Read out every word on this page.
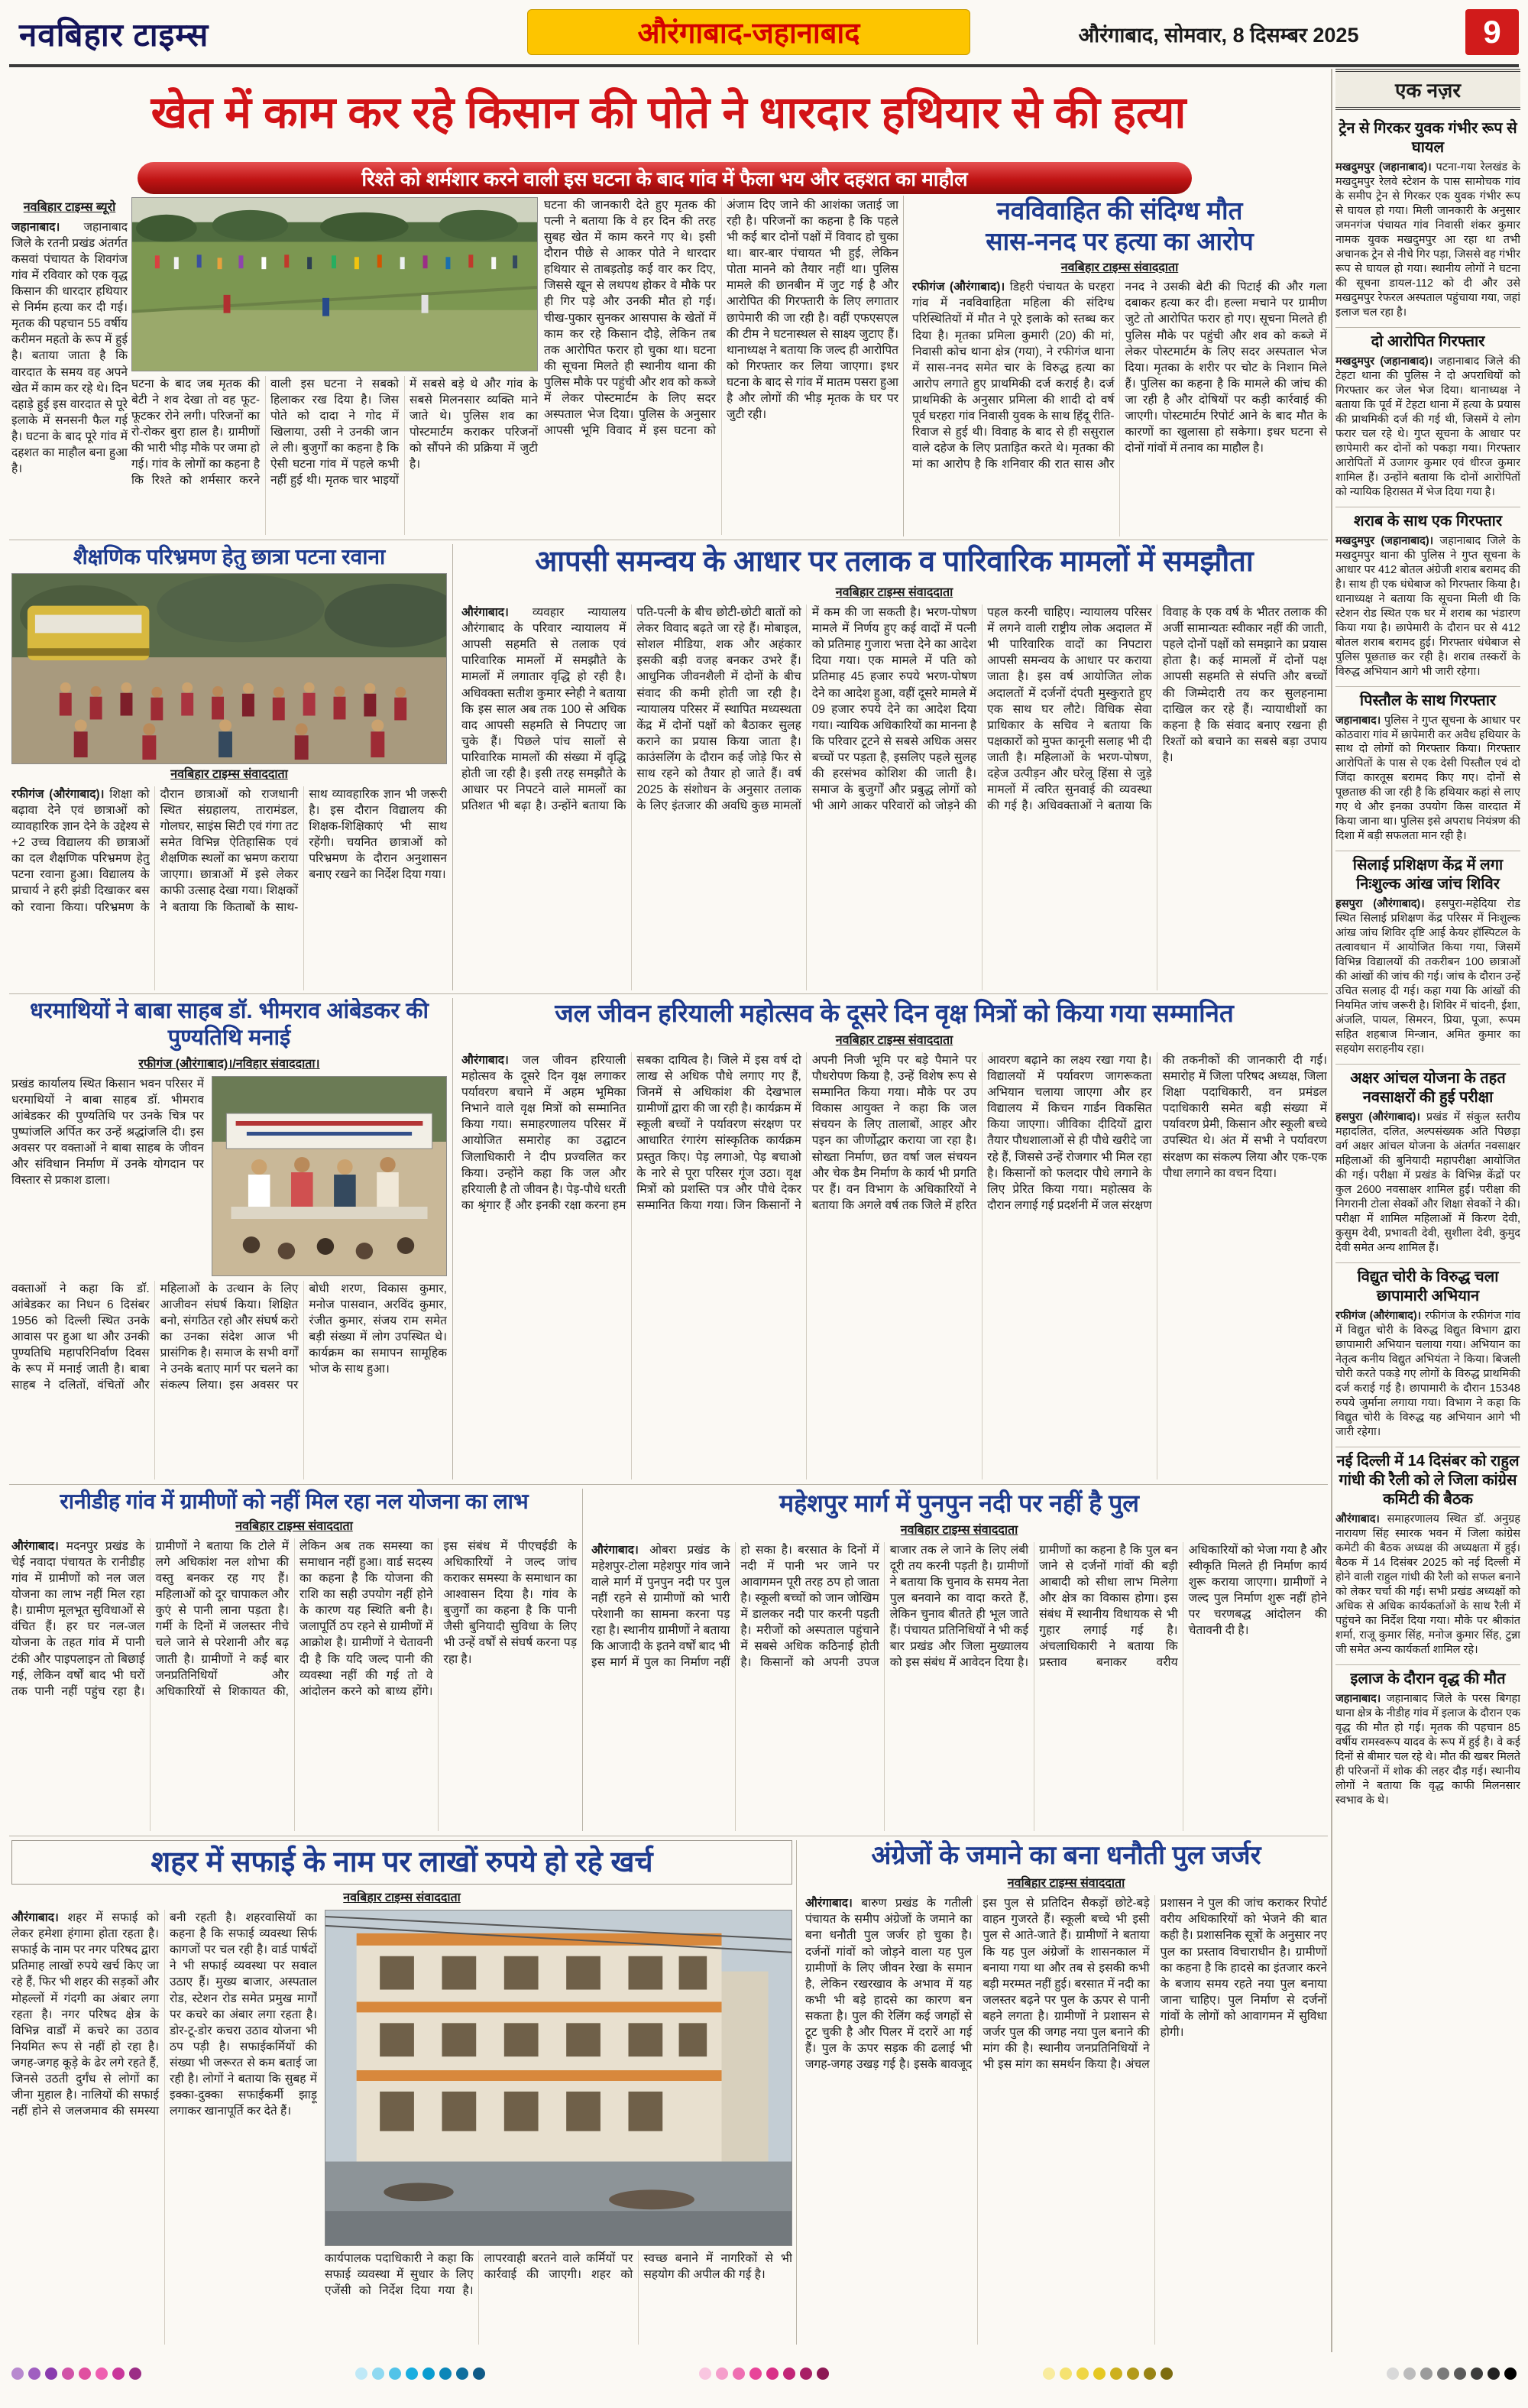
नवबिहार टाइम्स	औरंगाबाद-जहानाबाद	औरंगाबाद, सोमवार, 8 दिसम्बर 2025	9
खेत में काम कर रहे किसान की पोते ने धारदार हथियार से की हत्या
रिश्ते को शर्मशार करने वाली इस घटना के बाद गांव में फैला भय और दहशत का माहौल
नवबिहार टाइम्स ब्यूरो

जहानाबाद। जहानाबाद जिले के रतनी प्रखंड अंतर्गत कसवां पंचायत के शिवगंज गांव में रविवार को एक वृद्ध किसान की धारदार हथियार से निर्मम हत्या कर दी गई। मृतक की पहचान 55 वर्षीय करीमन महतो के रूप में हुई है। बताया जाता है कि वारदात के समय वह अपने खेत में काम कर रहे थे। दिन दहाड़े हुई इस वारदात से पूरे इलाके में सनसनी फैल गई है। घटना के बाद पूरे गांव में दहशत का माहौल बना हुआ है।

घटना की जानकारी देते हुए मृतक की पत्नी ने बताया कि वे हर दिन की तरह सुबह खेत में काम करने गए थे। इसी दौरान पीछे से आकर पोते ने धारदार हथियार से ताबड़तोड़ कई वार कर दिए, जिससे खून से लथपथ होकर वे मौके पर ही गिर पड़े और उनकी मौत हो गई। चीख-पुकार सुनकर आसपास के खेतों में काम कर रहे किसान दौड़े, लेकिन तब तक आरोपित फरार हो चुका था। घटना की सूचना मिलते ही स्थानीय थाना की पुलिस मौके पर पहुंची और शव को कब्जे में लेकर पोस्टमार्टम के लिए सदर अस्पताल भेज दिया। पुलिस के अनुसार आपसी भूमि विवाद में इस घटना को अंजाम दिए जाने की आशंका जताई जा रही है। परिजनों का कहना है कि पहले भी कई बार दोनों पक्षों में विवाद हो चुका था। बार-बार पंचायत भी हुई, लेकिन पोता मानने को तैयार नहीं था। पुलिस मामले की छानबीन में जुट गई है और आरोपित की गिरफ्तारी के लिए लगातार छापेमारी की जा रही है। वहीं एफएसएल की टीम ने घटनास्थल से साक्ष्य जुटाए हैं। थानाध्यक्ष ने बताया कि जल्द ही आरोपित को गिरफ्तार कर लिया जाएगा। इधर घटना के बाद से गांव में मातम पसरा हुआ है और लोगों की भीड़ मृतक के घर पर जुटी रही।

घटना के बाद जब मृतक की बेटी ने शव देखा तो वह फूट-फूटकर रोने लगी। परिजनों का रो-रोकर बुरा हाल है। ग्रामीणों की भारी भीड़ मौके पर जमा हो गई। गांव के लोगों का कहना है कि रिश्ते को शर्मसार करने वाली इस घटना ने सबको हिलाकर रख दिया है। जिस पोते को दादा ने गोद में खिलाया, उसी ने उनकी जान ले ली। बुजुर्गों का कहना है कि ऐसी घटना गांव में पहले कभी नहीं हुई थी। मृतक चार भाइयों में सबसे बड़े थे और गांव के सबसे मिलनसार व्यक्ति माने जाते थे। पुलिस शव का पोस्टमार्टम कराकर परिजनों को सौंपने की प्रक्रिया में जुटी है।

नवविवाहित की संदिग्ध मौत
सास-ननद पर हत्या का आरोप
नवबिहार टाइम्स संवाददाता

रफीगंज (औरंगाबाद)। डिहरी पंचायत के घरहरा गांव में नवविवाहिता महिला की संदिग्ध परिस्थितियों में मौत ने पूरे इलाके को स्तब्ध कर दिया है। मृतका प्रमिला कुमारी (20) की मां, निवासी कोच थाना क्षेत्र (गया), ने रफीगंज थाना में सास-ननद समेत चार के विरुद्ध हत्या का आरोप लगाते हुए प्राथमिकी दर्ज कराई है। दर्ज प्राथमिकी के अनुसार प्रमिला की शादी दो वर्ष पूर्व घरहरा गांव निवासी युवक के साथ हिंदू रीति-रिवाज से हुई थी। विवाह के बाद से ही ससुराल वाले दहेज के लिए प्रताड़ित करते थे। मृतका की मां का आरोप है कि शनिवार की रात सास और ननद ने उसकी बेटी की पिटाई की और गला दबाकर हत्या कर दी। हल्ला मचाने पर ग्रामीण जुटे तो आरोपित फरार हो गए। सूचना मिलते ही पुलिस मौके पर पहुंची और शव को कब्जे में लेकर पोस्टमार्टम के लिए सदर अस्पताल भेज दिया। मृतका के शरीर पर चोट के निशान मिले हैं। पुलिस का कहना है कि मामले की जांच की जा रही है और दोषियों पर कड़ी कार्रवाई की जाएगी। पोस्टमार्टम रिपोर्ट आने के बाद मौत के कारणों का खुलासा हो सकेगा। इधर घटना से दोनों गांवों में तनाव का माहौल है।

शैक्षणिक परिभ्रमण हेतु छात्रा पटना रवाना
नवबिहार टाइम्स संवाददाता

रफीगंज (औरंगाबाद)। शिक्षा को बढ़ावा देने एवं छात्राओं को व्यावहारिक ज्ञान देने के उद्देश्य से +2 उच्च विद्यालय की छात्राओं का दल शैक्षणिक परिभ्रमण हेतु पटना रवाना हुआ। विद्यालय के प्राचार्य ने हरी झंडी दिखाकर बस को रवाना किया। परिभ्रमण के दौरान छात्राओं को राजधानी स्थित संग्रहालय, तारामंडल, गोलघर, साइंस सिटी एवं गंगा तट समेत विभिन्न ऐतिहासिक एवं शैक्षणिक स्थलों का भ्रमण कराया जाएगा। छात्राओं में इसे लेकर काफी उत्साह देखा गया। शिक्षकों ने बताया कि किताबों के साथ-साथ व्यावहारिक ज्ञान भी जरूरी है। इस दौरान विद्यालय की शिक्षक-शिक्षिकाएं भी साथ रहेंगी। चयनित छात्राओं को परिभ्रमण के दौरान अनुशासन बनाए रखने का निर्देश दिया गया।

आपसी समन्वय के आधार पर तलाक व पारिवारिक मामलों में समझौता
नवबिहार टाइम्स संवाददाता

औरंगाबाद। व्यवहार न्यायालय औरंगाबाद के परिवार न्यायालय में आपसी सहमति से तलाक एवं पारिवारिक मामलों में समझौते के मामलों में लगातार वृद्धि हो रही है। अधिवक्ता सतीश कुमार स्नेही ने बताया कि इस साल अब तक 100 से अधिक वाद आपसी सहमति से निपटाए जा चुके हैं। पिछले पांच सालों से पारिवारिक मामलों की संख्या में वृद्धि होती जा रही है। इसी तरह समझौते के आधार पर निपटने वाले मामलों का प्रतिशत भी बढ़ा है। उन्होंने बताया कि पति-पत्नी के बीच छोटी-छोटी बातों को लेकर विवाद बढ़ते जा रहे हैं। मोबाइल, सोशल मीडिया, शक और अहंकार इसकी बड़ी वजह बनकर उभरे हैं। आधुनिक जीवनशैली में दोनों के बीच संवाद की कमी होती जा रही है। न्यायालय परिसर में स्थापित मध्यस्थता केंद्र में दोनों पक्षों को बैठाकर सुलह कराने का प्रयास किया जाता है। काउंसलिंग के दौरान कई जोड़े फिर से साथ रहने को तैयार हो जाते हैं। वर्ष 2025 के संशोधन के अनुसार तलाक के लिए इंतजार की अवधि कुछ मामलों में कम की जा सकती है। भरण-पोषण मामले में निर्णय हुए कई वादों में पत्नी को प्रतिमाह गुजारा भत्ता देने का आदेश दिया गया। एक मामले में पति को प्रतिमाह 45 हजार रुपये भरण-पोषण देने का आदेश हुआ, वहीं दूसरे मामले में 09 हजार रुपये देने का आदेश दिया गया। न्यायिक अधिकारियों का मानना है कि परिवार टूटने से सबसे अधिक असर बच्चों पर पड़ता है, इसलिए पहले सुलह की हरसंभव कोशिश की जाती है। समाज के बुजुर्गों और प्रबुद्ध लोगों को भी आगे आकर परिवारों को जोड़ने की पहल करनी चाहिए। न्यायालय परिसर में लगने वाली राष्ट्रीय लोक अदालत में भी पारिवारिक वादों का निपटारा आपसी समन्वय के आधार पर कराया जाता है। इस वर्ष आयोजित लोक अदालतों में दर्जनों दंपती मुस्कुराते हुए एक साथ घर लौटे। विधिक सेवा प्राधिकार के सचिव ने बताया कि पक्षकारों को मुफ्त कानूनी सलाह भी दी जाती है। महिलाओं के भरण-पोषण, दहेज उत्पीड़न और घरेलू हिंसा से जुड़े मामलों में त्वरित सुनवाई की व्यवस्था की गई है। अधिवक्ताओं ने बताया कि विवाह के एक वर्ष के भीतर तलाक की अर्जी सामान्यतः स्वीकार नहीं की जाती, पहले दोनों पक्षों को समझाने का प्रयास होता है। कई मामलों में दोनों पक्ष आपसी सहमति से संपत्ति और बच्चों की जिम्मेदारी तय कर सुलहनामा दाखिल कर रहे हैं। न्यायाधीशों का कहना है कि संवाद बनाए रखना ही रिश्तों को बचाने का सबसे बड़ा उपाय है।

धरमाथियों ने बाबा साहब डॉ. भीमराव आंबेडकर की पुण्यतिथि मनाई
रफीगंज (औरंगाबाद)।/नविहार संवाददाता।

प्रखंड कार्यालय स्थित किसान भवन परिसर में धरमाथियों ने बाबा साहब डॉ. भीमराव आंबेडकर की पुण्यतिथि पर उनके चित्र पर पुष्पांजलि अर्पित कर उन्हें श्रद्धांजलि दी। इस अवसर पर वक्ताओं ने बाबा साहब के जीवन और संविधान निर्माण में उनके योगदान पर विस्तार से प्रकाश डाला।

वक्ताओं ने कहा कि डॉ. आंबेडकर का निधन 6 दिसंबर 1956 को दिल्ली स्थित उनके आवास पर हुआ था और उनकी पुण्यतिथि महापरिनिर्वाण दिवस के रूप में मनाई जाती है। बाबा साहब ने दलितों, वंचितों और महिलाओं के उत्थान के लिए आजीवन संघर्ष किया। शिक्षित बनो, संगठित रहो और संघर्ष करो का उनका संदेश आज भी प्रासंगिक है। समाज के सभी वर्गों ने उनके बताए मार्ग पर चलने का संकल्प लिया। इस अवसर पर बोधी शरण, विकास कुमार, मनोज पासवान, अरविंद कुमार, रंजीत कुमार, संजय राम समेत बड़ी संख्या में लोग उपस्थित थे। कार्यक्रम का समापन सामूहिक भोज के साथ हुआ।

जल जीवन हरियाली महोत्सव के दूसरे दिन वृक्ष मित्रों को किया गया सम्मानित
नवबिहार टाइम्स संवाददाता

औरंगाबाद। जल जीवन हरियाली महोत्सव के दूसरे दिन वृक्ष लगाकर पर्यावरण बचाने में अहम भूमिका निभाने वाले वृक्ष मित्रों को सम्मानित किया गया। समाहरणालय परिसर में आयोजित समारोह का उद्घाटन जिलाधिकारी ने दीप प्रज्वलित कर किया। उन्होंने कहा कि जल और हरियाली है तो जीवन है। पेड़-पौधे धरती का श्रृंगार हैं और इनकी रक्षा करना हम सबका दायित्व है। जिले में इस वर्ष दो लाख से अधिक पौधे लगाए गए हैं, जिनमें से अधिकांश की देखभाल ग्रामीणों द्वारा की जा रही है। कार्यक्रम में स्कूली बच्चों ने पर्यावरण संरक्षण पर आधारित रंगारंग सांस्कृतिक कार्यक्रम प्रस्तुत किए। पेड़ लगाओ, पेड़ बचाओ के नारे से पूरा परिसर गूंज उठा। वृक्ष मित्रों को प्रशस्ति पत्र और पौधे देकर सम्मानित किया गया। जिन किसानों ने अपनी निजी भूमि पर बड़े पैमाने पर पौधरोपण किया है, उन्हें विशेष रूप से सम्मानित किया गया। मौके पर उप विकास आयुक्त ने कहा कि जल संचयन के लिए तालाबों, आहर और पइन का जीर्णोद्धार कराया जा रहा है। सोख्ता निर्माण, छत वर्षा जल संचयन और चेक डैम निर्माण के कार्य भी प्रगति पर हैं। वन विभाग के अधिकारियों ने बताया कि अगले वर्ष तक जिले में हरित आवरण बढ़ाने का लक्ष्य रखा गया है। विद्यालयों में पर्यावरण जागरूकता अभियान चलाया जाएगा और हर विद्यालय में किचन गार्डन विकसित किया जाएगा। जीविका दीदियों द्वारा तैयार पौधशालाओं से ही पौधे खरीदे जा रहे हैं, जिससे उन्हें रोजगार भी मिल रहा है। किसानों को फलदार पौधे लगाने के लिए प्रेरित किया गया। महोत्सव के दौरान लगाई गई प्रदर्शनी में जल संरक्षण की तकनीकों की जानकारी दी गई। समारोह में जिला परिषद अध्यक्ष, जिला शिक्षा पदाधिकारी, वन प्रमंडल पदाधिकारी समेत बड़ी संख्या में पर्यावरण प्रेमी, किसान और स्कूली बच्चे उपस्थित थे। अंत में सभी ने पर्यावरण संरक्षण का संकल्प लिया और एक-एक पौधा लगाने का वचन दिया।

रानीडीह गांव में ग्रामीणों को नहीं मिल रहा नल योजना का लाभ
नवबिहार टाइम्स संवाददाता

औरंगाबाद। मदनपुर प्रखंड के चेई नवादा पंचायत के रानीडीह गांव में ग्रामीणों को नल जल योजना का लाभ नहीं मिल रहा है। ग्रामीण मूलभूत सुविधाओं से वंचित हैं। हर घर नल-जल योजना के तहत गांव में पानी टंकी और पाइपलाइन तो बिछाई गई, लेकिन वर्षों बाद भी घरों तक पानी नहीं पहुंच रहा है। ग्रामीणों ने बताया कि टोले में लगे अधिकांश नल शोभा की वस्तु बनकर रह गए हैं। महिलाओं को दूर चापाकल और कुएं से पानी लाना पड़ता है। गर्मी के दिनों में जलस्तर नीचे चले जाने से परेशानी और बढ़ जाती है। ग्रामीणों ने कई बार जनप्रतिनिधियों और अधिकारियों से शिकायत की, लेकिन अब तक समस्या का समाधान नहीं हुआ। वार्ड सदस्य का कहना है कि योजना की राशि का सही उपयोग नहीं होने के कारण यह स्थिति बनी है। जलापूर्ति ठप रहने से ग्रामीणों में आक्रोश है। ग्रामीणों ने चेतावनी दी है कि यदि जल्द पानी की व्यवस्था नहीं की गई तो वे आंदोलन करने को बाध्य होंगे। इस संबंध में पीएचईडी के अधिकारियों ने जल्द जांच कराकर समस्या के समाधान का आश्वासन दिया है। गांव के बुजुर्गों का कहना है कि पानी जैसी बुनियादी सुविधा के लिए भी उन्हें वर्षों से संघर्ष करना पड़ रहा है।

महेशपुर मार्ग में पुनपुन नदी पर नहीं है पुल
नवबिहार टाइम्स संवाददाता

औरंगाबाद। ओबरा प्रखंड के महेशपुर-टोला महेशपुर गांव जाने वाले मार्ग में पुनपुन नदी पर पुल नहीं रहने से ग्रामीणों को भारी परेशानी का सामना करना पड़ रहा है। स्थानीय ग्रामीणों ने बताया कि आजादी के इतने वर्षों बाद भी इस मार्ग में पुल का निर्माण नहीं हो सका है। बरसात के दिनों में नदी में पानी भर जाने पर आवागमन पूरी तरह ठप हो जाता है। स्कूली बच्चों को जान जोखिम में डालकर नदी पार करनी पड़ती है। मरीजों को अस्पताल पहुंचाने में सबसे अधिक कठिनाई होती है। किसानों को अपनी उपज बाजार तक ले जाने के लिए लंबी दूरी तय करनी पड़ती है। ग्रामीणों ने बताया कि चुनाव के समय नेता पुल बनवाने का वादा करते हैं, लेकिन चुनाव बीतते ही भूल जाते हैं। पंचायत प्रतिनिधियों ने भी कई बार प्रखंड और जिला मुख्यालय को इस संबंध में आवेदन दिया है। ग्रामीणों का कहना है कि पुल बन जाने से दर्जनों गांवों की बड़ी आबादी को सीधा लाभ मिलेगा और क्षेत्र का विकास होगा। इस संबंध में स्थानीय विधायक से भी गुहार लगाई गई है। अंचलाधिकारी ने बताया कि प्रस्ताव बनाकर वरीय अधिकारियों को भेजा गया है और स्वीकृति मिलते ही निर्माण कार्य शुरू कराया जाएगा। ग्रामीणों ने जल्द पुल निर्माण शुरू नहीं होने पर चरणबद्ध आंदोलन की चेतावनी दी है।

शहर में सफाई के नाम पर लाखों रुपये हो रहे खर्च
नवबिहार टाइम्स संवाददाता

औरंगाबाद। शहर में सफाई को लेकर हमेशा हंगामा होता रहता है। सफाई के नाम पर नगर परिषद द्वारा प्रतिमाह लाखों रुपये खर्च किए जा रहे हैं, फिर भी शहर की सड़कों और मोहल्लों में गंदगी का अंबार लगा रहता है। नगर परिषद क्षेत्र के विभिन्न वार्डों में कचरे का उठाव नियमित रूप से नहीं हो रहा है। जगह-जगह कूड़े के ढेर लगे रहते हैं, जिनसे उठती दुर्गंध से लोगों का जीना मुहाल है। नालियों की सफाई नहीं होने से जलजमाव की समस्या बनी रहती है। शहरवासियों का कहना है कि सफाई व्यवस्था सिर्फ कागजों पर चल रही है। वार्ड पार्षदों ने भी सफाई व्यवस्था पर सवाल उठाए हैं। मुख्य बाजार, अस्पताल रोड, स्टेशन रोड समेत प्रमुख मार्गों पर कचरे का अंबार लगा रहता है। डोर-टू-डोर कचरा उठाव योजना भी ठप पड़ी है। सफाईकर्मियों की संख्या भी जरूरत से कम बताई जा रही है। लोगों ने बताया कि सुबह में इक्का-दुक्का सफाईकर्मी झाड़ू लगाकर खानापूर्ति कर देते हैं।

कार्यपालक पदाधिकारी ने कहा कि सफाई व्यवस्था में सुधार के लिए एजेंसी को निर्देश दिया गया है। लापरवाही बरतने वाले कर्मियों पर कार्रवाई की जाएगी। शहर को स्वच्छ बनाने में नागरिकों से भी सहयोग की अपील की गई है।

अंग्रेजों के जमाने का बना धनौती पुल जर्जर
नवबिहार टाइम्स संवाददाता

औरंगाबाद। बारुण प्रखंड के गतीली पंचायत के समीप अंग्रेजों के जमाने का बना धनौती पुल जर्जर हो चुका है। दर्जनों गांवों को जोड़ने वाला यह पुल ग्रामीणों के लिए जीवन रेखा के समान है, लेकिन रखरखाव के अभाव में यह कभी भी बड़े हादसे का कारण बन सकता है। पुल की रेलिंग कई जगहों से टूट चुकी है और पिलर में दरारें आ गई हैं। पुल के ऊपर सड़क की ढलाई भी जगह-जगह उखड़ गई है। इसके बावजूद इस पुल से प्रतिदिन सैकड़ों छोटे-बड़े वाहन गुजरते हैं। स्कूली बच्चे भी इसी पुल से आते-जाते हैं। ग्रामीणों ने बताया कि यह पुल अंग्रेजों के शासनकाल में बनाया गया था और तब से इसकी कभी बड़ी मरम्मत नहीं हुई। बरसात में नदी का जलस्तर बढ़ने पर पुल के ऊपर से पानी बहने लगता है। ग्रामीणों ने प्रशासन से जर्जर पुल की जगह नया पुल बनाने की मांग की है। स्थानीय जनप्रतिनिधियों ने भी इस मांग का समर्थन किया है। अंचल प्रशासन ने पुल की जांच कराकर रिपोर्ट वरीय अधिकारियों को भेजने की बात कही है। प्रशासनिक सूत्रों के अनुसार नए पुल का प्रस्ताव विचाराधीन है। ग्रामीणों का कहना है कि हादसे का इंतजार करने के बजाय समय रहते नया पुल बनाया जाना चाहिए। पुल निर्माण से दर्जनों गांवों के लोगों को आवागमन में सुविधा होगी।

एक नज़र
ट्रेन से गिरकर युवक गंभीर रूप से घायल

मखदुमपुर (जहानाबाद)। पटना-गया रेलखंड के मखदुमपुर रेलवे स्टेशन के पास सामोचक गांव के समीप ट्रेन से गिरकर एक युवक गंभीर रूप से घायल हो गया। मिली जानकारी के अनुसार जमनगंज पंचायत गांव निवासी शंकर कुमार नामक युवक मखदुमपुर आ रहा था तभी अचानक ट्रेन से नीचे गिर पड़ा, जिससे वह गंभीर रूप से घायल हो गया। स्थानीय लोगों ने घटना की सूचना डायल-112 को दी और उसे मखदुमपुर रेफरल अस्पताल पहुंचाया गया, जहां इलाज चल रहा है।

दो आरोपित गिरफ्तार

मखदुमपुर (जहानाबाद)। जहानाबाद जिले की टेहटा थाना की पुलिस ने दो अपराधियों को गिरफ्तार कर जेल भेज दिया। थानाध्यक्ष ने बताया कि पूर्व में टेहटा थाना में हत्या के प्रयास की प्राथमिकी दर्ज की गई थी, जिसमें ये लोग फरार चल रहे थे। गुप्त सूचना के आधार पर छापेमारी कर दोनों को पकड़ा गया। गिरफ्तार आरोपितों में उजागर कुमार एवं धीरज कुमार शामिल हैं। उन्होंने बताया कि दोनों आरोपितों को न्यायिक हिरासत में भेज दिया गया है।

शराब के साथ एक गिरफ्तार

मखदुमपुर (जहानाबाद)। जहानाबाद जिले के मखदुमपुर थाना की पुलिस ने गुप्त सूचना के आधार पर 412 बोतल अंग्रेजी शराब बरामद की है। साथ ही एक धंधेबाज को गिरफ्तार किया है। थानाध्यक्ष ने बताया कि सूचना मिली थी कि स्टेशन रोड स्थित एक घर में शराब का भंडारण किया गया है। छापेमारी के दौरान घर से 412 बोतल शराब बरामद हुई। गिरफ्तार धंधेबाज से पुलिस पूछताछ कर रही है। शराब तस्करों के विरुद्ध अभियान आगे भी जारी रहेगा।

पिस्तौल के साथ गिरफ्तार

जहानाबाद। पुलिस ने गुप्त सूचना के आधार पर कोठवारा गांव में छापेमारी कर अवैध हथियार के साथ दो लोगों को गिरफ्तार किया। गिरफ्तार आरोपितों के पास से एक देसी पिस्तौल एवं दो जिंदा कारतूस बरामद किए गए। दोनों से पूछताछ की जा रही है कि हथियार कहां से लाए गए थे और इनका उपयोग किस वारदात में किया जाना था। पुलिस इसे अपराध नियंत्रण की दिशा में बड़ी सफलता मान रही है।

सिलाई प्रशिक्षण केंद्र में लगा निःशुल्क आंख जांच शिविर

हसपुरा (औरंगाबाद)। हसपुरा-महेदिया रोड स्थित सिलाई प्रशिक्षण केंद्र परिसर में निःशुल्क आंख जांच शिविर दृष्टि आई केयर हॉस्पिटल के तत्वावधान में आयोजित किया गया, जिसमें विभिन्न विद्यालयों की तकरीबन 100 छात्राओं की आंखों की जांच की गई। जांच के दौरान उन्हें उचित सलाह दी गई। कहा गया कि आंखों की नियमित जांच जरूरी है। शिविर में चांदनी, ईशा, अंजलि, पायल, सिमरन, प्रिया, पूजा, रूपम सहित शहबाज मिन्जान, अमित कुमार का सहयोग सराहनीय रहा।

अक्षर आंचल योजना के तहत नवसाक्षरों की हुई परीक्षा

हसपुरा (औरंगाबाद)। प्रखंड में संकुल स्तरीय महादलित, दलित, अल्पसंख्यक अति पिछड़ा वर्ग अक्षर आंचल योजना के अंतर्गत नवसाक्षर महिलाओं की बुनियादी महापरीक्षा आयोजित की गई। परीक्षा में प्रखंड के विभिन्न केंद्रों पर कुल 2600 नवसाक्षर शामिल हुईं। परीक्षा की निगरानी टोला सेवकों और शिक्षा सेवकों ने की। परीक्षा में शामिल महिलाओं में किरण देवी, कुसुम देवी, प्रभावती देवी, सुशीला देवी, कुमुद देवी समेत अन्य शामिल हैं।

विद्युत चोरी के विरुद्ध चला छापामारी अभियान

रफीगंज (औरंगाबाद)। रफीगंज के रफीगंज गांव में विद्युत चोरी के विरुद्ध विद्युत विभाग द्वारा छापामारी अभियान चलाया गया। अभियान का नेतृत्व कनीय विद्युत अभियंता ने किया। बिजली चोरी करते पकड़े गए लोगों के विरुद्ध प्राथमिकी दर्ज कराई गई है। छापामारी के दौरान 15348 रुपये जुर्माना लगाया गया। विभाग ने कहा कि विद्युत चोरी के विरुद्ध यह अभियान आगे भी जारी रहेगा।

नई दिल्ली में 14 दिसंबर को राहुल गांधी की रैली को ले जिला कांग्रेस कमिटी की बैठक

औरंगाबाद। समाहरणालय स्थित डॉ. अनुग्रह नारायण सिंह स्मारक भवन में जिला कांग्रेस कमेटी की बैठक अध्यक्ष की अध्यक्षता में हुई। बैठक में 14 दिसंबर 2025 को नई दिल्ली में होने वाली राहुल गांधी की रैली को सफल बनाने को लेकर चर्चा की गई। सभी प्रखंड अध्यक्षों को अधिक से अधिक कार्यकर्ताओं के साथ रैली में पहुंचने का निर्देश दिया गया। मौके पर श्रीकांत शर्मा, राजू कुमार सिंह, मनोज कुमार सिंह, टुन्ना जी समेत अन्य कार्यकर्ता शामिल रहे।

इलाज के दौरान वृद्ध की मौत

जहानाबाद। जहानाबाद जिले के परस बिगहा थाना क्षेत्र के नीडीह गांव में इलाज के दौरान एक वृद्ध की मौत हो गई। मृतक की पहचान 85 वर्षीय रामस्वरूप यादव के रूप में हुई है। वे कई दिनों से बीमार चल रहे थे। मौत की खबर मिलते ही परिजनों में शोक की लहर दौड़ गई। स्थानीय लोगों ने बताया कि वृद्ध काफी मिलनसार स्वभाव के थे।
